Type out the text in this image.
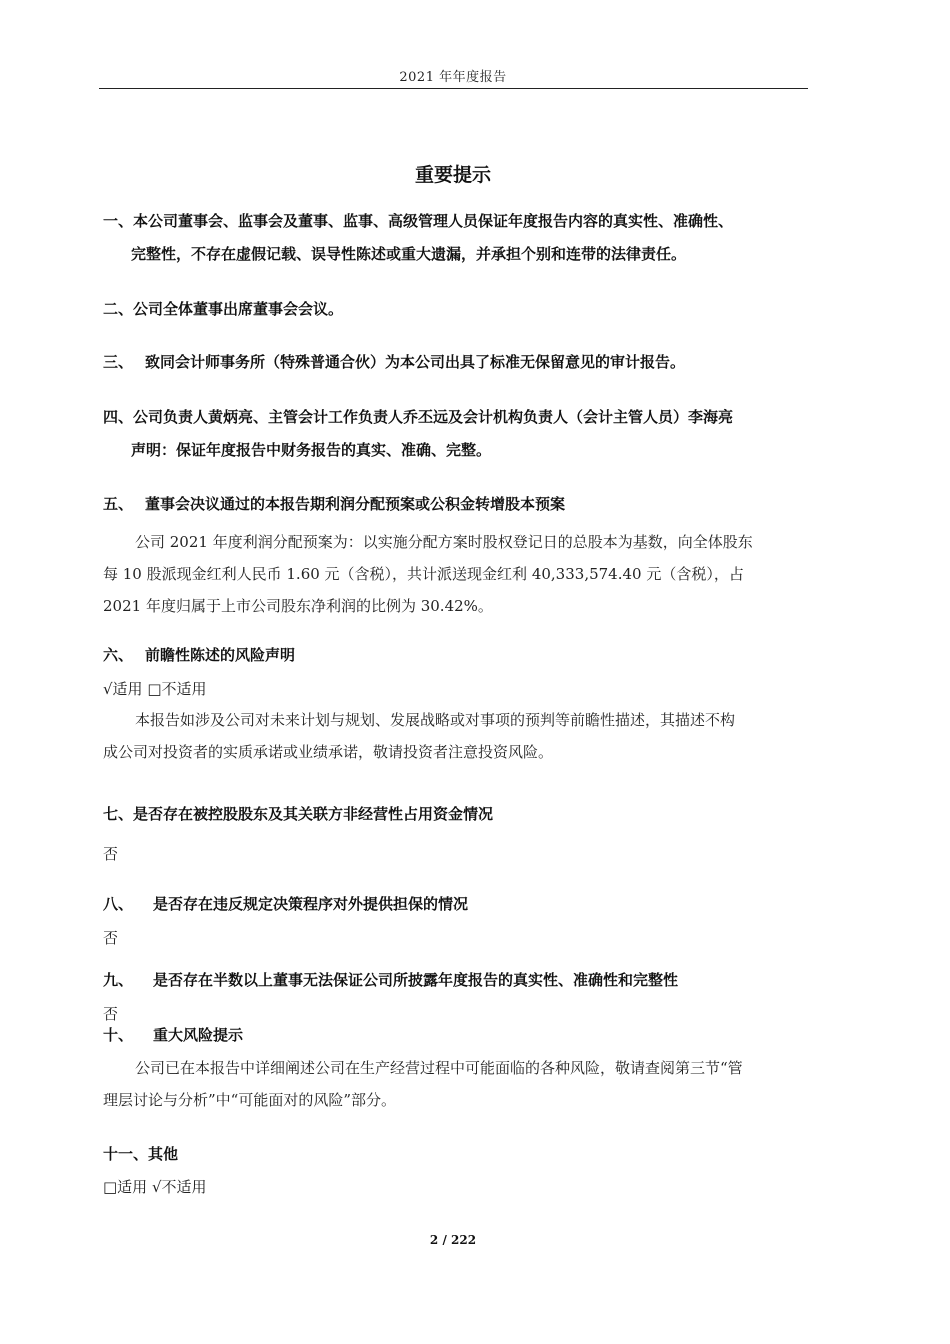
2021 年年度报告
重要提示
一、本公司董事会、监事会及董事、监事、高级管理人员保证年度报告内容的真实性、准确性、
完整性，不存在虚假记载、误导性陈述或重大遗漏，并承担个别和连带的法律责任。
二、公司全体董事出席董事会会议。
三、 致同会计师事务所（特殊普通合伙）为本公司出具了标准无保留意见的审计报告。
四、公司负责人黄炳亮、主管会计工作负责人乔丕远及会计机构负责人（会计主管人员）李海亮
声明：保证年度报告中财务报告的真实、准确、完整。
五、 董事会决议通过的本报告期利润分配预案或公积金转增股本预案

公司 2021 年度利润分配预案为：以实施分配方案时股权登记日的总股本为基数，向全体股东

每 10 股派现金红利人民币 1.60 元（含税），共计派送现金红利 40,333,574.40 元（含税），占

2021 年度归属于上市公司股东净利润的比例为 30.42%。

六、 前瞻性陈述的风险声明
√适用 □不适用

本报告如涉及公司对未来计划与规划、发展战略或对事项的预判等前瞻性描述，其描述不构

成公司对投资者的实质承诺或业绩承诺，敬请投资者注意投资风险。

七、是否存在被控股股东及其关联方非经营性占用资金情况
否
八、 是否存在违反规定决策程序对外提供担保的情况
否
九、 是否存在半数以上董事无法保证公司所披露年度报告的真实性、准确性和完整性
否
十、 重大风险提示

公司已在本报告中详细阐述公司在生产经营过程中可能面临的各种风险，敬请查阅第三节“管

理层讨论与分析”中“可能面对的风险”部分。

十一、其他
□适用 √不适用
2 / 222
